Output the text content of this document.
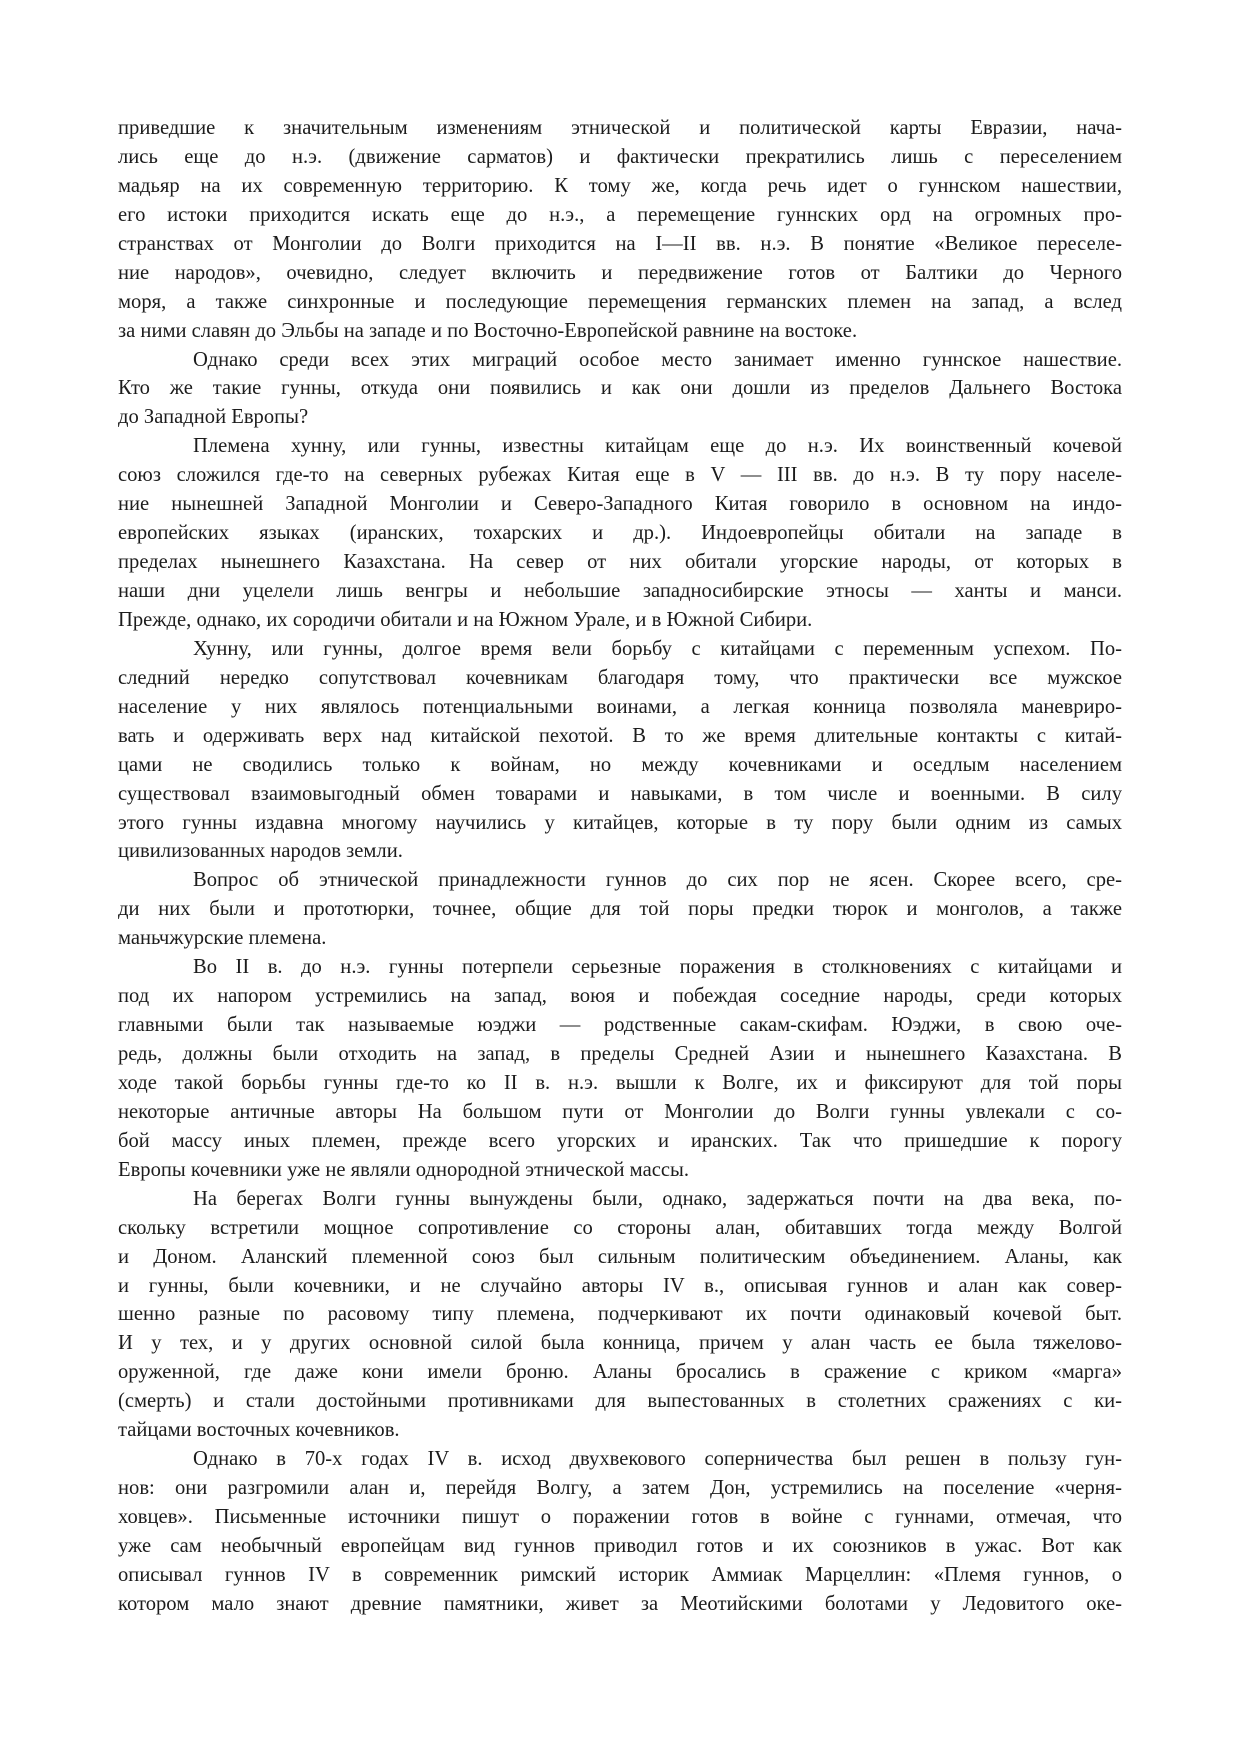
приведшие к значительным изменениям этнической и политической карты Евразии, нача-
лись еще до н.э. (движение сарматов) и фактически прекратились лишь с переселением
мадьяр на их современную территорию. К тому же, когда речь идет о гуннском нашествии,
его истоки приходится искать еще до н.э., а перемещение гуннских орд на огромных про-
странствах от Монголии до Волги приходится на I—II вв. н.э. В понятие «Великое переселе-
ние народов», очевидно, следует включить и передвижение готов от Балтики до Черного
моря, а также синхронные и последующие перемещения германских племен на запад, а вслед
за ними славян до Эльбы на западе и по Восточно-Европейской равнине на востоке.
Однако среди всех этих миграций особое место занимает именно гуннское нашествие.
Кто же такие гунны, откуда они появились и как они дошли из пределов Дальнего Востока
до Западной Европы?
Племена хунну, или гунны, известны китайцам еще до н.э. Их воинственный кочевой
союз сложился где-то на северных рубежах Китая еще в V — III вв. до н.э. В ту пору населе-
ние нынешней Западной Монголии и Северо-Западного Китая говорило в основном на индо-
европейских языках (иранских, тохарских и др.). Индоевропейцы обитали на западе в
пределах нынешнего Казахстана. На север от них обитали угорские народы, от которых в
наши дни уцелели лишь венгры и небольшие западносибирские этносы — ханты и манси.
Прежде, однако, их сородичи обитали и на Южном Урале, и в Южной Сибири.
Хунну, или гунны, долгое время вели борьбу с китайцами с переменным успехом. По-
следний нередко сопутствовал кочевникам благодаря тому, что практически все мужское
население у них являлось потенциальными воинами, а легкая конница позволяла маневриро-
вать и одерживать верх над китайской пехотой. В то же время длительные контакты с китай-
цами не сводились только к войнам, но между кочевниками и оседлым населением
существовал взаимовыгодный обмен товарами и навыками, в том числе и военными. В силу
этого гунны издавна многому научились у китайцев, которые в ту пору были одним из самых
цивилизованных народов земли.
Вопрос об этнической принадлежности гуннов до сих пор не ясен. Скорее всего, сре-
ди них были и прототюрки, точнее, общие для той поры предки тюрок и монголов, а также
маньчжурские племена.
Во II в. до н.э. гунны потерпели серьезные поражения в столкновениях с китайцами и
под их напором устремились на запад, воюя и побеждая соседние народы, среди которых
главными были так называемые юэджи — родственные сакам-скифам. Юэджи, в свою оче-
редь, должны были отходить на запад, в пределы Средней Азии и нынешнего Казахстана. В
ходе такой борьбы гунны где-то ко II в. н.э. вышли к Волге, их и фиксируют для той поры
некоторые античные авторы На большом пути от Монголии до Волги гунны увлекали с со-
бой массу иных племен, прежде всего угорских и иранских. Так что пришедшие к порогу
Европы кочевники уже не являли однородной этнической массы.
На берегах Волги гунны вынуждены были, однако, задержаться почти на два века, по-
скольку встретили мощное сопротивление со стороны алан, обитавших тогда между Волгой
и Доном. Аланский племенной союз был сильным политическим объединением. Аланы, как
и гунны, были кочевники, и не случайно авторы IV в., описывая гуннов и алан как совер-
шенно разные по расовому типу племена, подчеркивают их почти одинаковый кочевой быт.
И у тех, и у других основной силой была конница, причем у алан часть ее была тяжелово-
оруженной, где даже кони имели броню. Аланы бросались в сражение с криком «марга»
(смерть) и стали достойными противниками для выпестованных в столетних сражениях с ки-
тайцами восточных кочевников.
Однако в 70-х годах IV в. исход двухвекового соперничества был решен в пользу гун-
нов: они разгромили алан и, перейдя Волгу, а затем Дон, устремились на поселение «черня-
ховцев». Письменные источники пишут о поражении готов в войне с гуннами, отмечая, что
уже сам необычный европейцам вид гуннов приводил готов и их союзников в ужас. Вот как
описывал гуннов IV в современник римский историк Аммиак Марцеллин: «Племя гуннов, о
котором мало знают древние памятники, живет за Меотийскими болотами у Ледовитого оке-
